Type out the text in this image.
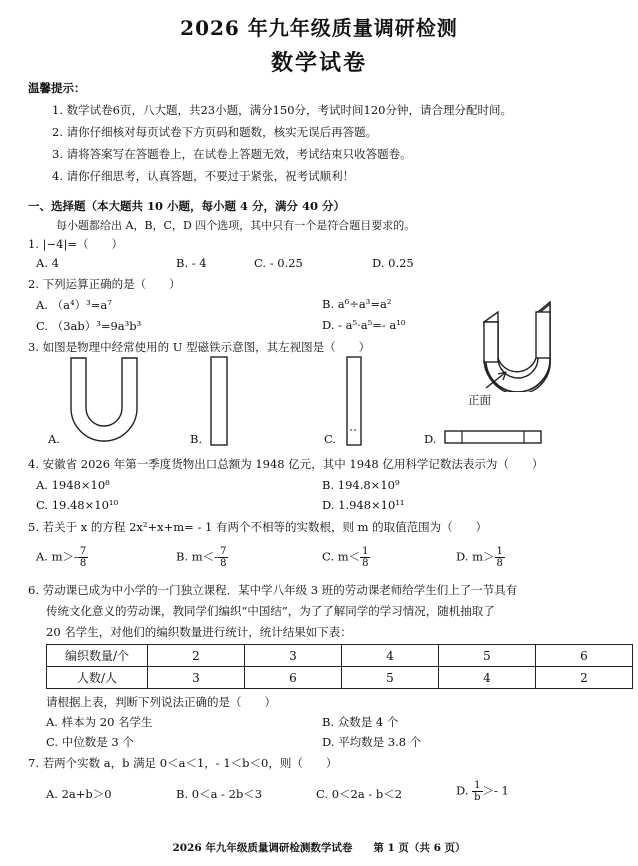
2026 年九年级质量调研检测
数学试卷
温馨提示：
1. 数学试卷6页，八大题，共23小题，满分150分，考试时间120分钟，请合理分配时间。
2. 请你仔细核对每页试卷下方页码和题数，核实无误后再答题。
3. 请将答案写在答题卷上，在试卷上答题无效，考试结束只收答题卷。
4. 请你仔细思考，认真答题，不要过于紧张，祝考试顺利！
一、选择题（本大题共 10 小题，每小题 4 分，满分 40 分）
每小题都给出 A，B，C，D 四个选项，其中只有一个是符合题目要求的。
1. |−4|=（　　）
A. 4	B. - 4	C. - 0.25	D. 0.25
2. 下列运算正确的是（　　）
A. （a⁴）³=a⁷	B. a⁶÷a³=a²
C. （3ab）³=9a³b³	D. - a⁵·a⁵=- a¹⁰
3. 如图是物理中经常使用的 U 型磁铁示意图，其左视图是（　　）
正面
A.	B.	C.	D.
4. 安徽省 2026 年第一季度货物出口总额为 1948 亿元，其中 1948 亿用科学记数法表示为（　　）
A. 1948×10⁸	B. 194.8×10⁹
C. 19.48×10¹⁰	D. 1.948×10¹¹
5. 若关于 x 的方程 2x²+x+m= - 1 有两个不相等的实数根，则 m 的取值范围为（　　）
A. $m>- \frac{7}{8}$	B. $m<- \frac{7}{8}$	C. $m< \frac{1}{8}$	D. $m> \frac{1}{8}$
6. 劳动课已成为中小学的一门独立课程．某中学八年级 3 班的劳动课老师给学生们上了一节具有
传统文化意义的劳动课，教同学们编织“中国结”，为了了解同学的学习情况，随机抽取了
20 名学生，对他们的编织数量进行统计，统计结果如下表：
编织数量/个	2	3	4	5	6
人数/人	3	6	5	4	2
请根据上表，判断下列说法正确的是（　　）
A. 样本为 20 名学生	B. 众数是 4 个
C. 中位数是 3 个	D. 平均数是 3.8 个
7. 若两个实数 a，b 满足 0＜a＜1，- 1＜b＜0，则（　　）
A. 2a+b＞0	B. 0＜a - 2b＜3	C. 0＜2a - b＜2	D. $\frac{1}{b} >- 1$
2026 年九年级质量调研检测数学试卷　　第 1 页（共 6 页）
